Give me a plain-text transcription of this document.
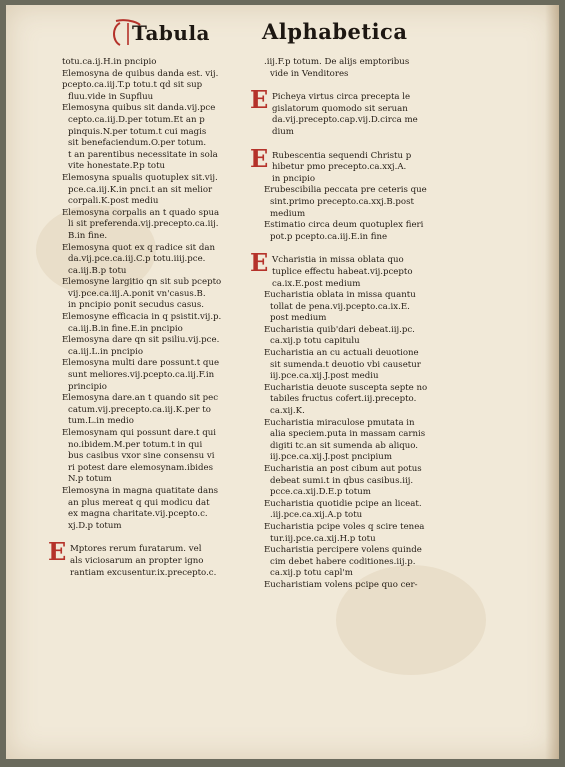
Tabula Alphabetica
totu.ca.ij.H.in pncipio
Elemosyna de quibus danda est. vij.
pcepto.ca.iij.T.p totu.t qd sit sup
fluu.vide in Supfluu
Elemosyna quibus sit danda.vij.pce
cepto.ca.iij.D.per totum.Et an p
pinquis.N.per totum.t cui magis
sit benefaciendum.O.per totum.
t an parentibus necessitate in sola
vite honestate.P.p totu
Elemosyna spualis quotuplex sit.vij.
pce.ca.iij.K.in pnci.t an sit melior
corpali.K.post mediu
Elemosyna corpalis an t quado spua
li sit preferenda.vij.precepto.ca.iij.
B.in fine.
Elemosyna quot ex q radice sit dan
da.vij.pce.ca.iij.C.p totu.iiij.pce.
ca.iij.B.p totu
Elemosyne largitio qn sit sub pcepto
vij.pce.ca.iij.A.ponit vn'casus.B.
in pncipio ponit secudus casus.
Elemosyne efficacia in q psistit.vij.p.
ca.iij.B.in fine.E.in pncipio
Elemosyna dare qn sit psiliu.vij.pce.
ca.iij.L.in pncipio
Elemosyna multi dare possunt.t que
sunt meliores.vij.pcepto.ca.iij.F.in
principio
Elemosyna dare.an t quando sit pec
catum.vij.precepto.ca.iij.K.per to
tum.L.in medio
Elemosynam qui possunt dare.t qui
no.ibidem.M.per totum.t in qui
bus casibus vxor sine consensu vi
ri potest dare elemosynam.ibides
N.p totum
Elemosyna in magna quatitate dans
an plus mereat q qui modicu dat
ex magna charitate.vij.pcepto.c.
xj.D.p totum
E Mptores rerum furatarum. vel
als viciosarum an propter igno
rantiam excusentur.ix.precepto.c.
.iij.F.p totum. De alijs emptoribus
vide in Venditores
E Picheya virtus circa precepta le
gislatorum quomodo sit seruan
da.vij.precepto.cap.vij.D.circa me
dium
E Rubescentia sequendi Christu p
hibetur pmo precepto.ca.xxj.A.
in pncipio
Erubescibilia peccata pre ceteris que
sint.primo precepto.ca.xxj.B.post
medium
Estimatio circa deum quotuplex fieri
pot.p pcepto.ca.iij.E.in fine
E Vcharistia in missa oblata quo
tuplice effectu habeat.vij.pcepto
ca.ix.E.post medium
Eucharistia oblata in missa quantu
tollat de pena.vij.pcepto.ca.ix.E.
post medium
Eucharistia quib'dari debeat.iij.pc.
ca.xij.p totu capitulu
Eucharistia an cu actuali deuotione
sit sumenda.t deuotio vbi causetur
iij.pce.ca.xij.J.post mediu
Eucharistia deuote suscepta septe no
tabiles fructus cofert.iij.precepto.
ca.xij.K.
Eucharistia miraculose pmutata in
alia speciem.puta in massam carnis
digiti tc.an sit sumenda ab aliquo.
iij.pce.ca.xij.J.post pncipium
Eucharistia an post cibum aut potus
debeat sumi.t in qbus casibus.iij.
pcce.ca.xij.D.E.p totum
Eucharistia quotidie pcipe an liceat.
.iij.pce.ca.xij.A.p totu
Eucharistia pcipe voles q scire tenea
tur.iij.pce.ca.xij.H.p totu
Eucharistia percipere volens quinde
cim debet habere coditiones.iij.p.
ca.xij.p totu capl'm
Eucharistiam volens pcipe quo cer-
